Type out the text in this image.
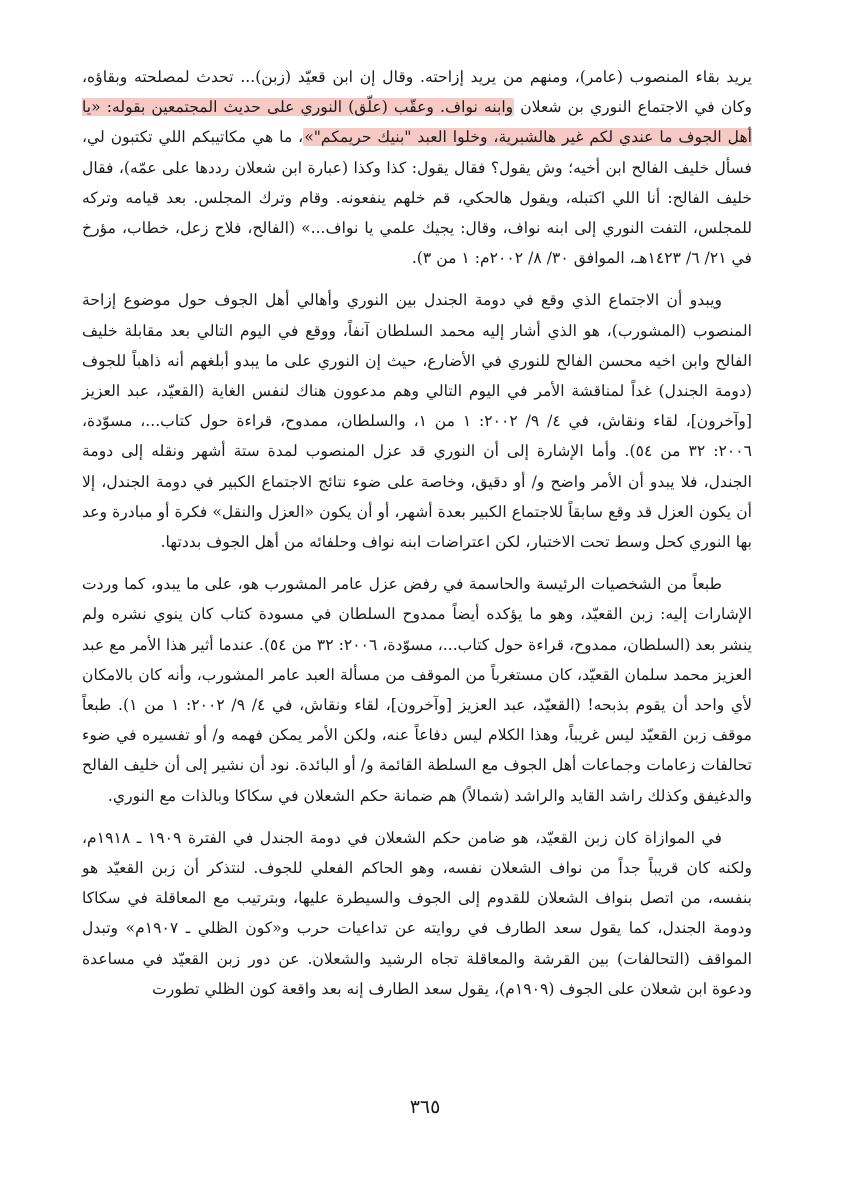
يريد بقاء المنصوب (عامر)، ومنهم من يريد إزاحته. وقال إن ابن قعيّد (زبن)... تحدث لمصلحته وبقاؤه، وكان في الاجتماع النوري بن شعلان وابنه نواف. وعقّب (علّق) النوري على حديث المجتمعين بقوله: «يا أهل الجوف ما عندي لكم غير هالشبرية، وخلوا العبد "بنيك حريمكم"»، ما هي مكاتيبكم اللي تكتبون لي، فسأل خليف الفالح ابن أخيه؛ وش يقول؟ فقال يقول: كذا وكذا (عبارة ابن شعلان رددها على عمّه)، فقال خليف الفالح: أنا اللي اكتبله، ويقول هالحكي، قم خلهم ينفعونه. وقام وترك المجلس. بعد قيامه وتركه للمجلس، التفت النوري إلى ابنه نواف، وقال: يجيك علمي يا نواف...» (الفالح، فلاح زعل، خطاب، مؤرخ في ٢١/ ٦/ ١٤٢٣هـ، الموافق ٣٠/ ٨/ ٢٠٠٢م: ١ من ٣).

ويبدو أن الاجتماع الذي وقع في دومة الجندل بين النوري وأهالي أهل الجوف حول موضوع إزاحة المنصوب (المشورب)، هو الذي أشار إليه محمد السلطان آنفاً، ووقع في اليوم التالي بعد مقابلة خليف الفالح وابن اخيه محسن الفالح للنوري في الأضارع، حيث إن النوري على ما يبدو أبلغهم أنه ذاهباً للجوف (دومة الجندل) غداً لمناقشة الأمر في اليوم التالي وهم مدعوون هناك لنفس الغاية (القعيّد، عبد العزيز [وآخرون]، لقاء ونقاش، في ٤/ ٩/ ٢٠٠٢: ١ من ١، والسلطان، ممدوح، قراءة حول كتاب...، مسوّدة، ٢٠٠٦: ٣٢ من ٥٤). وأما الإشارة إلى أن النوري قد عزل المنصوب لمدة ستة أشهر ونقله إلى دومة الجندل، فلا يبدو أن الأمر واضح و/ أو دقيق، وخاصة على ضوء نتائج الاجتماع الكبير في دومة الجندل، إلا أن يكون العزل قد وقع سابقاً للاجتماع الكبير بعدة أشهر، أو أن يكون «العزل والنقل» فكرة أو مبادرة وعد بها النوري كحل وسط تحت الاختبار، لكن اعتراضات ابنه نواف وحلفائه من أهل الجوف بددتها.

طبعاً من الشخصيات الرئيسة والحاسمة في رفض عزل عامر المشورب هو، على ما يبدو، كما وردت الإشارات إليه: زبن القعيّد، وهو ما يؤكده أيضاً ممدوح السلطان في مسودة كتاب كان ينوي نشره ولم ينشر بعد (السلطان، ممدوح، قراءة حول كتاب...، مسوّدة، ٢٠٠٦: ٣٢ من ٥٤). عندما أثير هذا الأمر مع عبد العزيز محمد سلمان القعيّد، كان مستغرباً من الموقف من مسألة العبد عامر المشورب، وأنه كان بالامكان لأي واحد أن يقوم بذبحه! (القعيّد، عبد العزيز [وآخرون]، لقاء ونقاش، في ٤/ ٩/ ٢٠٠٢: ١ من ١). طبعاً موقف زبن القعيّد ليس غريباً، وهذا الكلام ليس دفاعاً عنه، ولكن الأمر يمكن فهمه و/ أو تفسيره في ضوء تحالفات زعامات وجماعات أهل الجوف مع السلطة القائمة و/ أو البائدة. نود أن نشير إلى أن خليف الفالح والدغيفق وكذلك راشد القايد والراشد (شمالاً) هم ضمانة حكم الشعلان في سكاكا وبالذات مع النوري.

في الموازاة كان زبن القعيّد، هو ضامن حكم الشعلان في دومة الجندل في الفترة ١٩٠٩ ـ ١٩١٨م، ولكنه كان قريباً جداً من نواف الشعلان نفسه، وهو الحاكم الفعلي للجوف. لنتذكر أن زبن القعيّد هو بنفسه، من اتصل بنواف الشعلان للقدوم إلى الجوف والسيطرة عليها، وبترتيب مع المعاقلة في سكاكا ودومة الجندل، كما يقول سعد الطارف في روايته عن تداعيات حرب و«كون الظلي ـ ١٩٠٧م» وتبدل المواقف (التحالفات) بين القرشة والمعاقلة تجاه الرشيد والشعلان. عن دور زبن القعيّد في مساعدة ودعوة ابن شعلان على الجوف (١٩٠٩م)، يقول سعد الطارف إنه بعد واقعة كون الظلي تطورت

٣٦٥
